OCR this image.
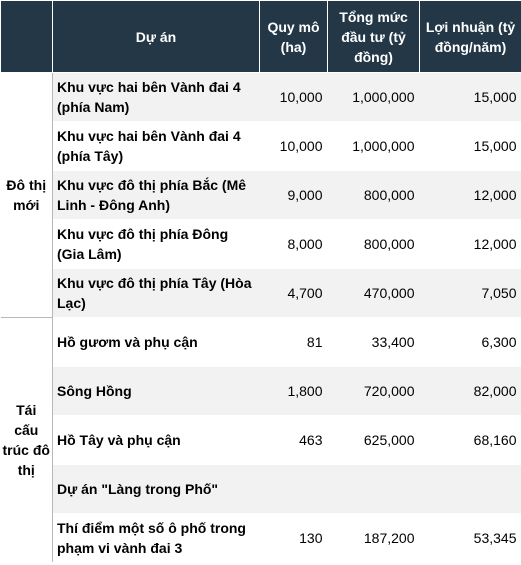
	Dự án	Quy mô (ha)	Tổng mức đầu tư (tỷ đồng)	Lợi nhuận (tỷ đồng/năm)
Đô thị mới	Khu vực hai bên Vành đai 4 (phía Nam)	10,000	1,000,000	15,000
	Khu vực hai bên Vành đai 4 (phía Tây)	10,000	1,000,000	15,000
	Khu vực đô thị phía Bắc (Mê Linh - Đông Anh)	9,000	800,000	12,000
	Khu vực đô thị phía Đông (Gia Lâm)	8,000	800,000	12,000
	Khu vực đô thị phía Tây (Hòa Lạc)	4,700	470,000	7,050
Tái cấu trúc đô thị	Hồ gươm và phụ cận	81	33,400	6,300
	Sông Hồng	1,800	720,000	82,000
	Hồ Tây và phụ cận	463	625,000	68,160
	Dự án "Làng trong Phố"			
	Thí điểm một số ô phố trong phạm vi vành đai 3	130	187,200	53,345
